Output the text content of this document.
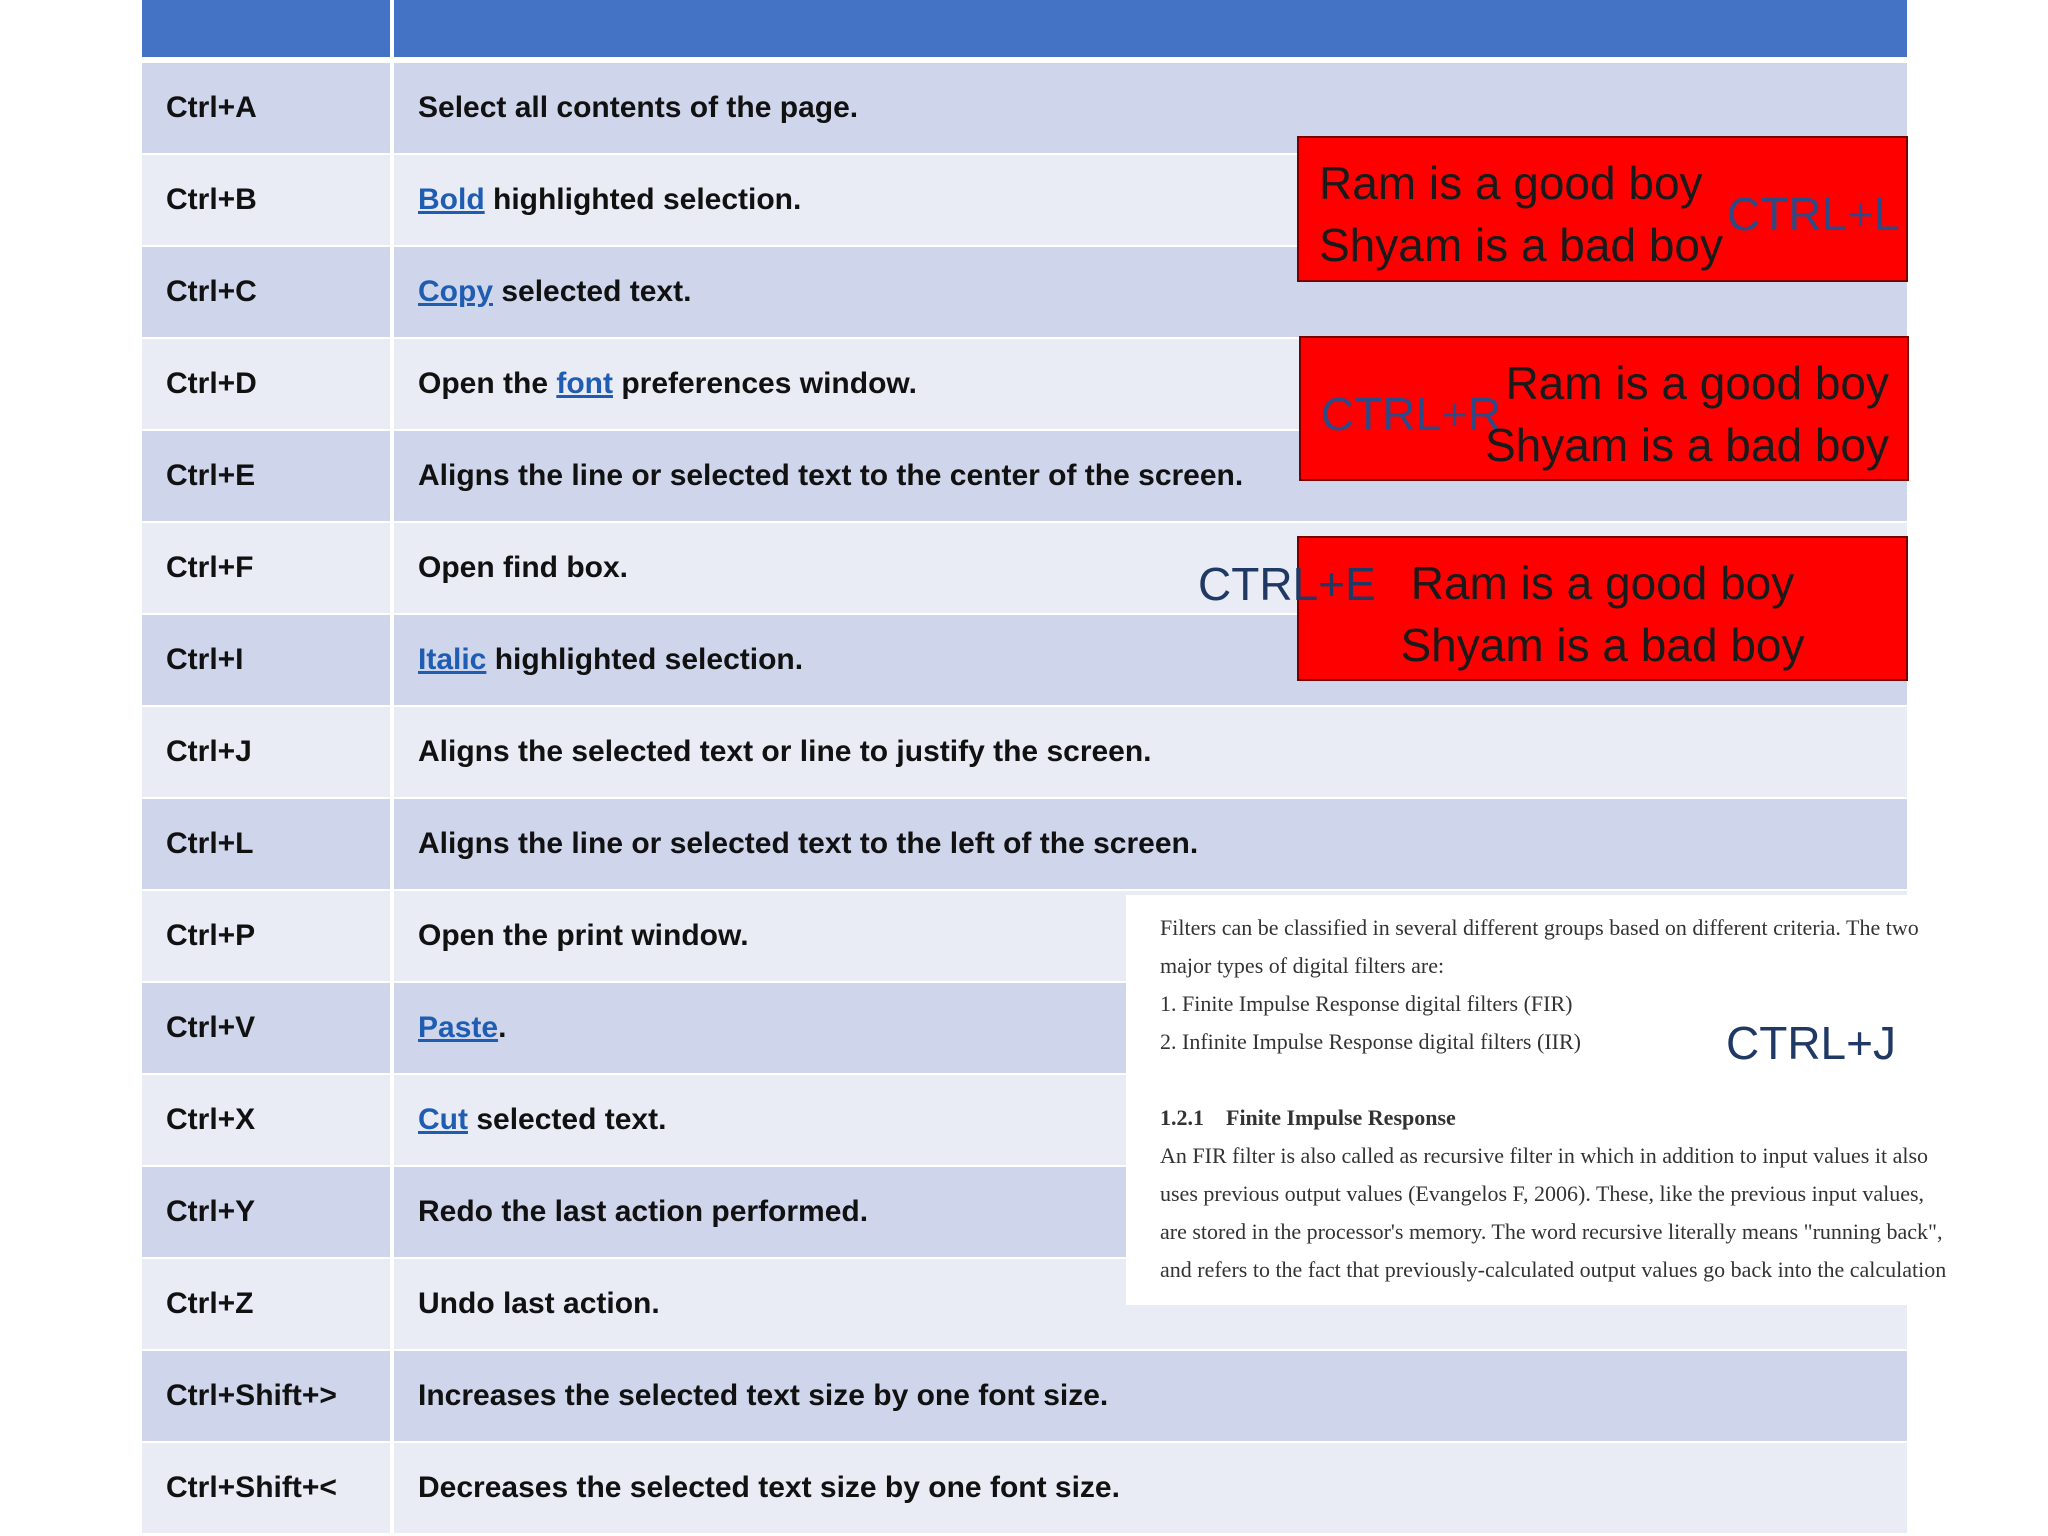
Ctrl+A	Select all contents of the page.
Ctrl+B	Bold highlighted selection.
Ctrl+C	Copy selected text.
Ctrl+D	Open the font preferences window.
Ctrl+E	Aligns the line or selected text to the center of the screen.
Ctrl+F	Open find box.
Ctrl+I	Italic highlighted selection.
Ctrl+J	Aligns the selected text or line to justify the screen.
Ctrl+L	Aligns the line or selected text to the left of the screen.
Ctrl+P	Open the print window.
Ctrl+V	Paste .
Ctrl+X	Cut selected text.
Ctrl+Y	Redo the last action performed.
Ctrl+Z	Undo last action.
Ctrl+Shift+>	Increases the selected text size by one font size.
Ctrl+Shift+<	Decreases the selected text size by one font size.
Ram is a good boy
Shyam is a bad boy
CTRL+L
CTRL+R
Ram is a good boy
Shyam is a bad boy
Ram is a good boy
Shyam is a bad boy
CTRL+E
Filters can be classified in several different groups based on different criteria. The two
major types of digital filters are:
1. Finite Impulse Response digital filters (FIR)
2. Infinite Impulse Response digital filters (IIR)
1.2.1    Finite Impulse Response
An FIR filter is also called as recursive filter in which in addition to input values it also
uses previous output values (Evangelos F, 2006). These, like the previous input values,
are stored in the processor's memory. The word recursive literally means "running back",
and refers to the fact that previously-calculated output values go back into the calculation
CTRL+J
